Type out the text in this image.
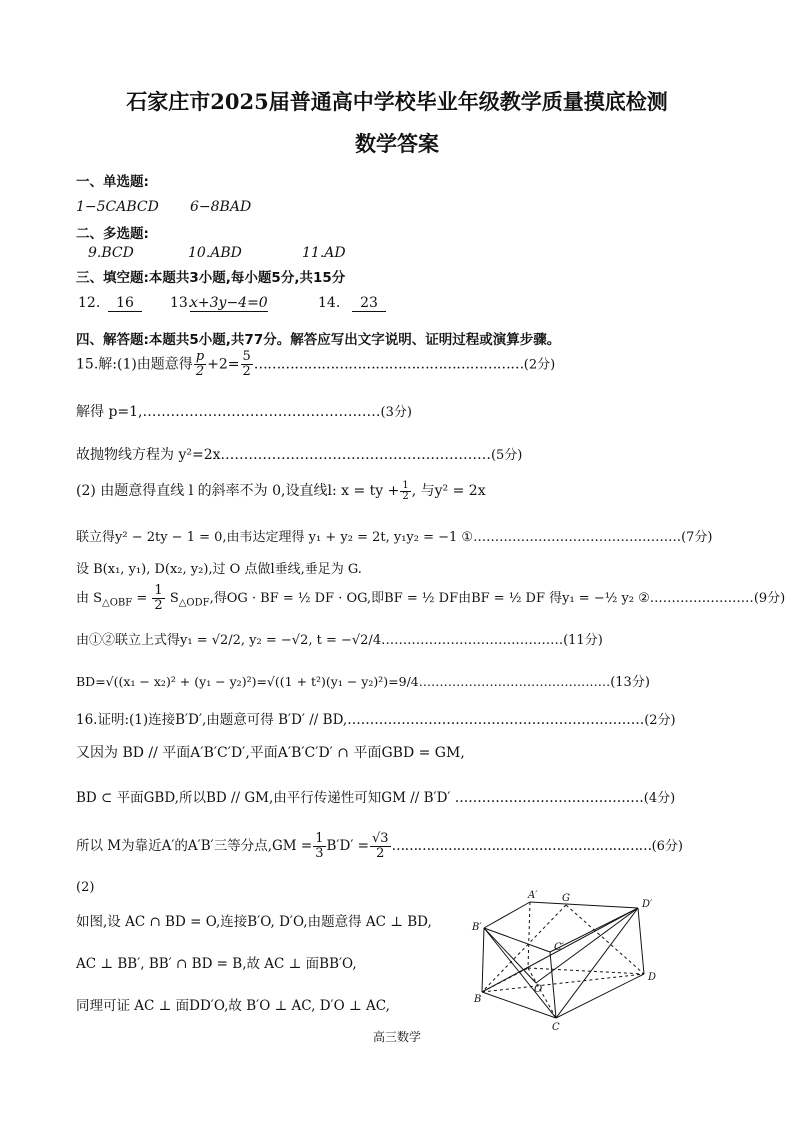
石家庄市2025届普通高中学校毕业年级教学质量摸底检测
数学答案
一、单选题:
1−5CABCD 6−8BAD
二、多选题:
9.BCD	10.ABD	11.AD
三、填空题:本题共3小题,每小题5分,共15分
12.	16	13.
x+3y−4=0	14.	23
四、解答题:本题共5小题,共77分。解答应写出文字说明、证明过程或演算步骤。
15.解:(1)由题意得 $\frac{p}{2} +2= \frac{5}{2}$ ……………………………………………………(2分)
解得 p=1,……………………………………………(3分)
故抛物线方程为 y²=2x.…………………………………………………(5分)
(2) 由题意得直线 l 的斜率不为 0,设直线l: x = ty + $\frac{1}{2}$ , 与y² = 2x
联立得y² − 2ty − 1 = 0,由韦达定理得 y₁ + y₂ = 2t, y₁y₂ = −1 ①…………………………………………(7分)
设 B(x₁, y₁), D(x₂, y₂),过 O 点做l垂线,垂足为 G.
由 $S_{\triangle OBF} = \frac{1}{2} S_{\triangle ODF}$,得OG · BF = ½ DF · OG,即BF = ½ DF由BF = ½ DF 得y₁ = −½ y₂ ②……………………(9分)
由①②联立上式得y₁ = √2/2, y₂ = −√2, t = −√2/4……………………………………(11分)
BD=√((x₁ − x₂)² + (y₁ − y₂)²)=√((1 + t²)(y₁ − y₂)²)=9/4.………………………………………(13分)
16.证明:(1)连接B′D′,由题意可得 B′D′ // BD,…………………………………………………………(2分)
又因为 BD // 平面A′B′C′D′,平面A′B′C′D′ ∩ 平面GBD = GM,
BD ⊂ 平面GBD,所以BD // GM,由平行传递性可知GM // B′D′ ……………………………………(4分)
所以 M为靠近A′的A′B′三等分点$,GM = \frac{1}{3} B'D' = \frac{√3}{2}$ ……………………………………………………(6分)
(2)
如图,设 AC ∩ BD = O,连接B′O, D′O,由题意得 AC ⊥ BD,
AC ⊥ BB′, BB′ ∩ BD = B,故 AC ⊥ 面BB′O,
同理可证 AC ⊥ 面DD′O,故 B′O ⊥ AC, D′O ⊥ AC,
A′ G
D′
B′
C′
O
D
B
C
高三数学
